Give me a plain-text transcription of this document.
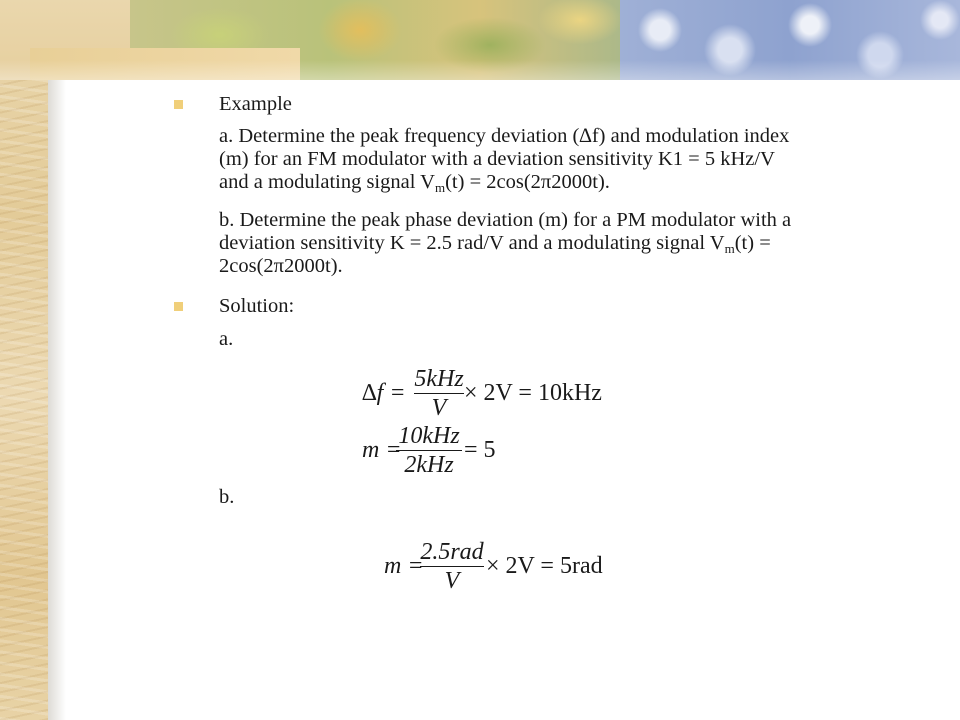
Example
a. Determine the peak frequency deviation (∆f) and modulation index
(m) for an FM modulator with a deviation sensitivity K1 = 5 kHz/V
and a modulating signal $V_m(t) = 2\cos(2\pi 2000t)$.
b. Determine the peak phase deviation (m) for a PM modulator with a
deviation sensitivity K = 2.5 rad/V and a modulating signal $V_m(t)$ =
2cos(2π2000t).
Solution:
a.
∆f =
5kHz
V
× 2V = 10kHz
m =
10kHz
2kHz
= 5
b.
m =
2.5rad
V
× 2V = 5rad
